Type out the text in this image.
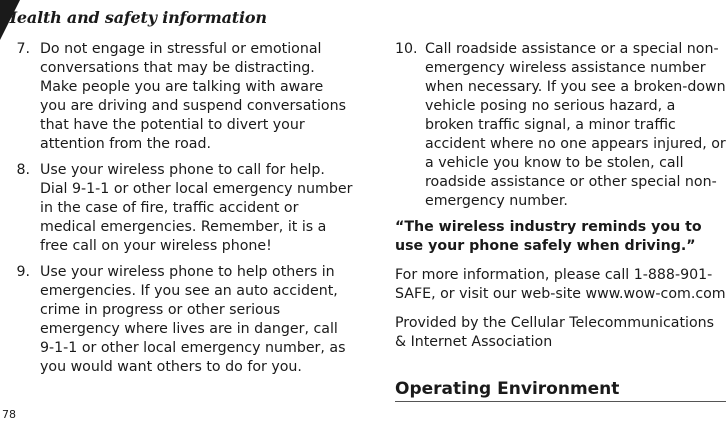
Health and safety information
7. Do not engage in stressful or emotional conversations that may be distracting. Make people you are talking with aware you are driving and suspend conversations that have the potential to divert your attention from the road.
8. Use your wireless phone to call for help. Dial 9-1-1 or other local emergency number in the case of fire, traffic accident or medical emergencies. Remember, it is a free call on your wireless phone!
9. Use your wireless phone to help others in emergencies. If you see an auto accident, crime in progress or other serious emergency where lives are in danger, call 9-1-1 or other local emergency number, as you would want others to do for you.
10. Call roadside assistance or a special non-emergency wireless assistance number when necessary. If you see a broken-down vehicle posing no serious hazard, a broken traffic signal, a minor traffic accident where no one appears injured, or a vehicle you know to be stolen, call roadside assistance or other special non-emergency number.

“The wireless industry reminds you to use your phone safely when driving.”

For more information, please call 1-888-901-SAFE, or visit our web-site www.wow-com.com

Provided by the Cellular Telecommunications & Internet Association

Operating Environment
78
